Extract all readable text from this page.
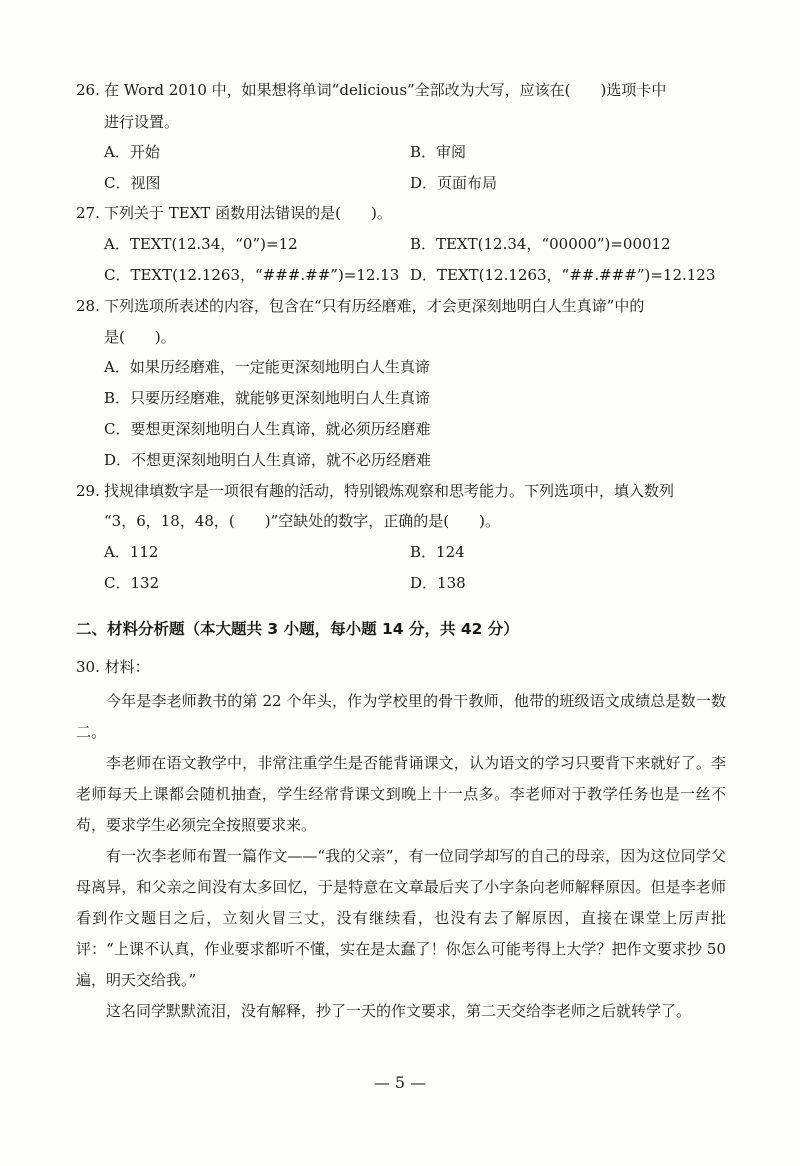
26. 在 Word 2010 中，如果想将单词“delicious”全部改为大写，应该在(　　)选项卡中
进行设置。
A．开始	B．审阅
C．视图	D．页面布局
27. 下列关于 TEXT 函数用法错误的是(　　)。
A．TEXT(12.34，“0”)=12	B．TEXT(12.34，“00000”)=00012
C．TEXT(12.1263，“###.##”)=12.13 D．TEXT(12.1263，“##.###”)=12.123
28. 下列选项所表述的内容，包含在“只有历经磨难，才会更深刻地明白人生真谛”中的
是(　　)。
A．如果历经磨难，一定能更深刻地明白人生真谛
B．只要历经磨难，就能够更深刻地明白人生真谛
C．要想更深刻地明白人生真谛，就必须历经磨难
D．不想更深刻地明白人生真谛，就不必历经磨难
29. 找规律填数字是一项很有趣的活动，特别锻炼观察和思考能力。下列选项中，填入数列
“3，6，18，48，(　　)”空缺处的数字，正确的是(　　)。
A．112	B．124
C．132	D．138
二、材料分析题（本大题共 3 小题，每小题 14 分，共 42 分）
30. 材料：

今年是李老师教书的第 22 个年头，作为学校里的骨干教师，他带的班级语文成绩总是数一数二。

李老师在语文教学中，非常注重学生是否能背诵课文，认为语文的学习只要背下来就好了。李老师每天上课都会随机抽查，学生经常背课文到晚上十一点多。李老师对于教学任务也是一丝不苟，要求学生必须完全按照要求来。

有一次李老师布置一篇作文——“我的父亲”，有一位同学却写的自己的母亲，因为这位同学父母离异，和父亲之间没有太多回忆，于是特意在文章最后夹了小字条向老师解释原因。但是李老师看到作文题目之后，立刻火冒三丈，没有继续看，也没有去了解原因，直接在课堂上厉声批评：“上课不认真，作业要求都听不懂，实在是太蠢了！你怎么可能考得上大学？把作文要求抄 50 遍，明天交给我。”

这名同学默默流泪，没有解释，抄了一天的作文要求，第二天交给李老师之后就转学了。

— 5 —
